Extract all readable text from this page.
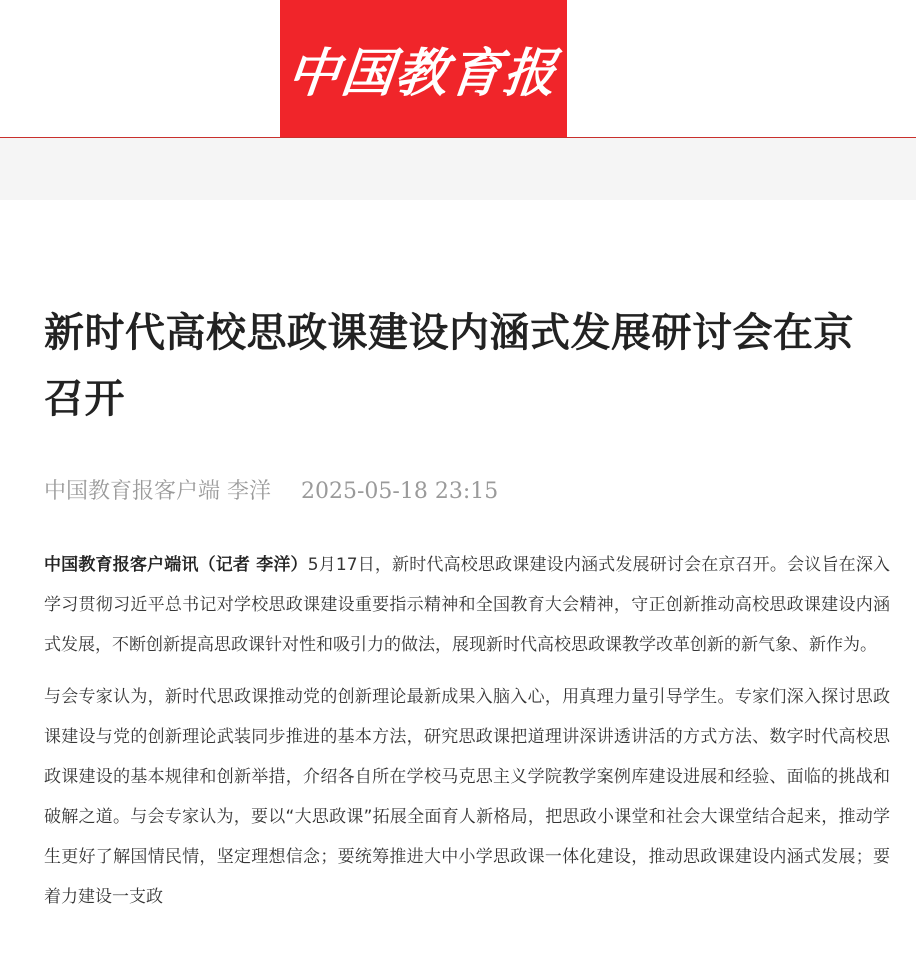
中国教育报
新时代高校思政课建设内涵式发展研讨会在京召开
中国教育报客户端 李洋 2025-05-18 23:15

中国教育报客户端讯（记者 李洋）5月17日，新时代高校思政课建设内涵式发展研讨会在京召开。会议旨在深入学习贯彻习近平总书记对学校思政课建设重要指示精神和全国教育大会精神，守正创新推动高校思政课建设内涵式发展，不断创新提高思政课针对性和吸引力的做法，展现新时代高校思政课教学改革创新的新气象、新作为。

与会专家认为，新时代思政课推动党的创新理论最新成果入脑入心，用真理力量引导学生。专家们深入探讨思政课建设与党的创新理论武装同步推进的基本方法，研究思政课把道理讲深讲透讲活的方式方法、数字时代高校思政课建设的基本规律和创新举措，介绍各自所在学校马克思主义学院教学案例库建设进展和经验、面临的挑战和破解之道。与会专家认为，要以“大思政课”拓展全面育人新格局，把思政小课堂和社会大课堂结合起来，推动学生更好了解国情民情，坚定理想信念；要统筹推进大中小学思政课一体化建设，推动思政课建设内涵式发展；要着力建设一支政
